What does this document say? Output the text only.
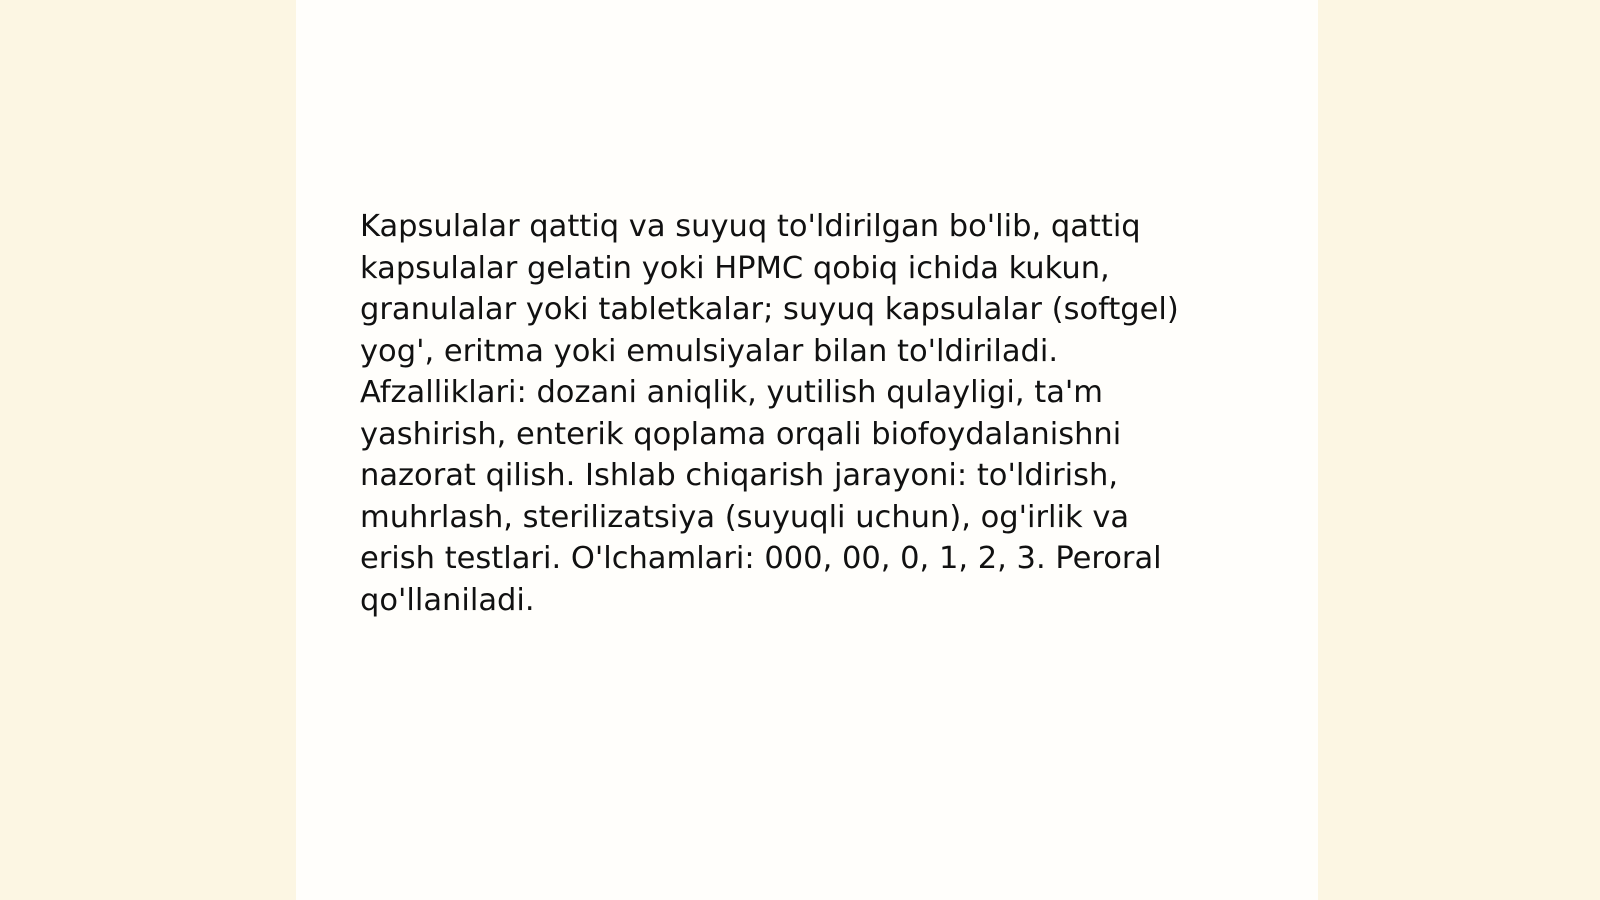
Kapsulalar qattiq va suyuq to'ldirilgan bo'lib, qattiq
kapsulalar gelatin yoki HPMC qobiq ichida kukun,
granulalar yoki tabletkalar; suyuq kapsulalar (softgel)
yog', eritma yoki emulsiyalar bilan to'ldiriladi.
Afzalliklari: dozani aniqlik, yutilish qulayligi, ta'm
yashirish, enterik qoplama orqali biofoydalanishni
nazorat qilish. Ishlab chiqarish jarayoni: to'ldirish,
muhrlash, sterilizatsiya (suyuqli uchun), og'irlik va
erish testlari. O'lchamlari: 000, 00, 0, 1, 2, 3. Peroral
qo'llaniladi.
